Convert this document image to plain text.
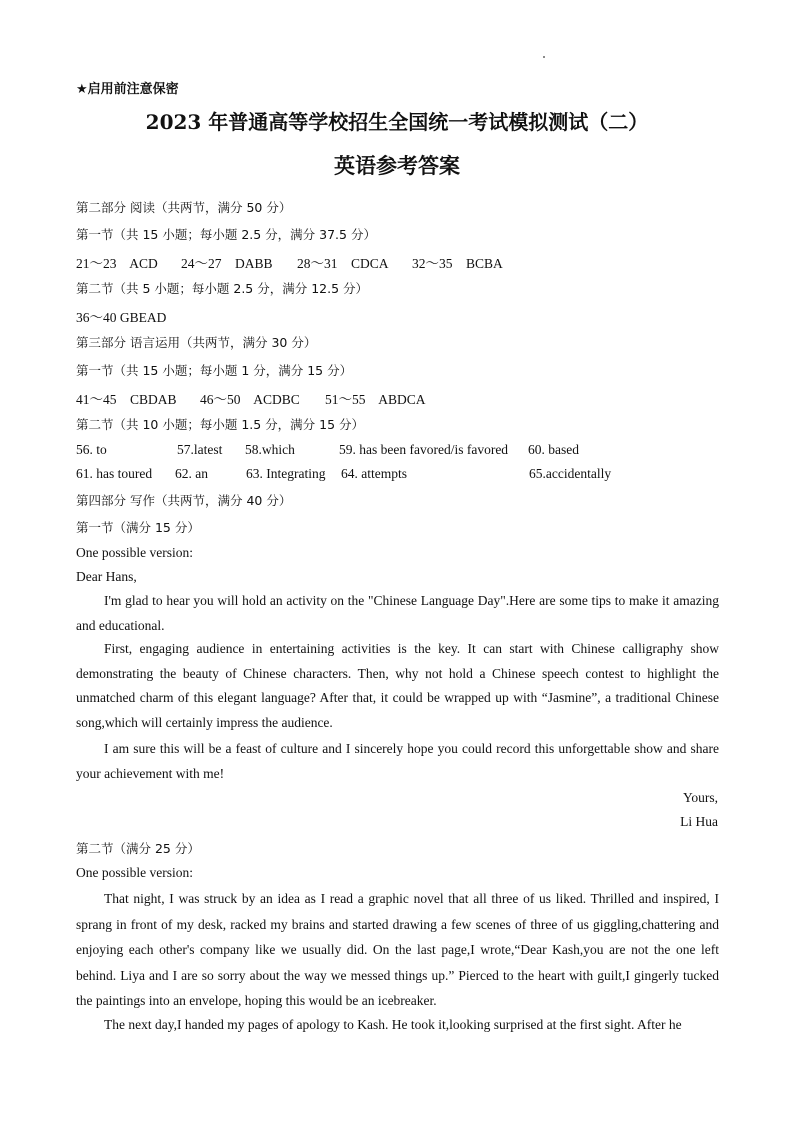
★启用前注意保密
2023 年普通高等学校招生全国统一考试模拟测试（二）
英语参考答案
第二部分 阅读（共两节，满分 50 分）
第一节（共 15 小题；每小题 2.5 分，满分 37.5 分）
21～23    ACD 24～27    DABB 28～31    CDCA 32～35    BCBA
第二节（共 5 小题；每小题 2.5 分，满分 12.5 分）
36～40 GBEAD
第三部分 语言运用（共两节，满分 30 分）
第一节（共 15 小题；每小题 1 分，满分 15 分）
41～45    CBDAB 46～50    ACDBC 51～55    ABDCA
第二节（共 10 小题；每小题 1.5 分，满分 15 分）
56. to	57.latest 58.which	59. has been favored/is favored 60. based
61. has toured 62. an	63. Integrating 64. attempts	65.accidentally
第四部分 写作（共两节，满分 40 分）
第一节（满分 15 分）
One possible version:
Dear Hans,

I'm glad to hear you will hold an activity on the "Chinese Language Day".Here are some tips to make it amazing and educational.

First, engaging audience in entertaining activities is the key. It can start with Chinese calligraphy show demonstrating the beauty of Chinese characters. Then, why not hold a Chinese speech contest to highlight the unmatched charm of this elegant language? After that, it could be wrapped up with “Jasmine”, a traditional Chinese song,which will certainly impress the audience.

I am sure this will be a feast of culture and I sincerely hope you could record this unforgettable show and share your achievement with me!

Yours,
Li Hua
第二节（满分 25 分）
One possible version:

That night, I was struck by an idea as I read a graphic novel that all three of us liked. Thrilled and inspired, I sprang in front of my desk, racked my brains and started drawing a few scenes of three of us giggling,chattering and enjoying each other's company like we usually did. On the last page,I wrote,“Dear Kash,you are not the one left behind. Liya and I are so sorry about the way we messed things up.” Pierced to the heart with guilt,I gingerly tucked the paintings into an envelope, hoping this would be an icebreaker.

The next day,I handed my pages of apology to Kash. He took it,looking surprised at the first sight. After he
